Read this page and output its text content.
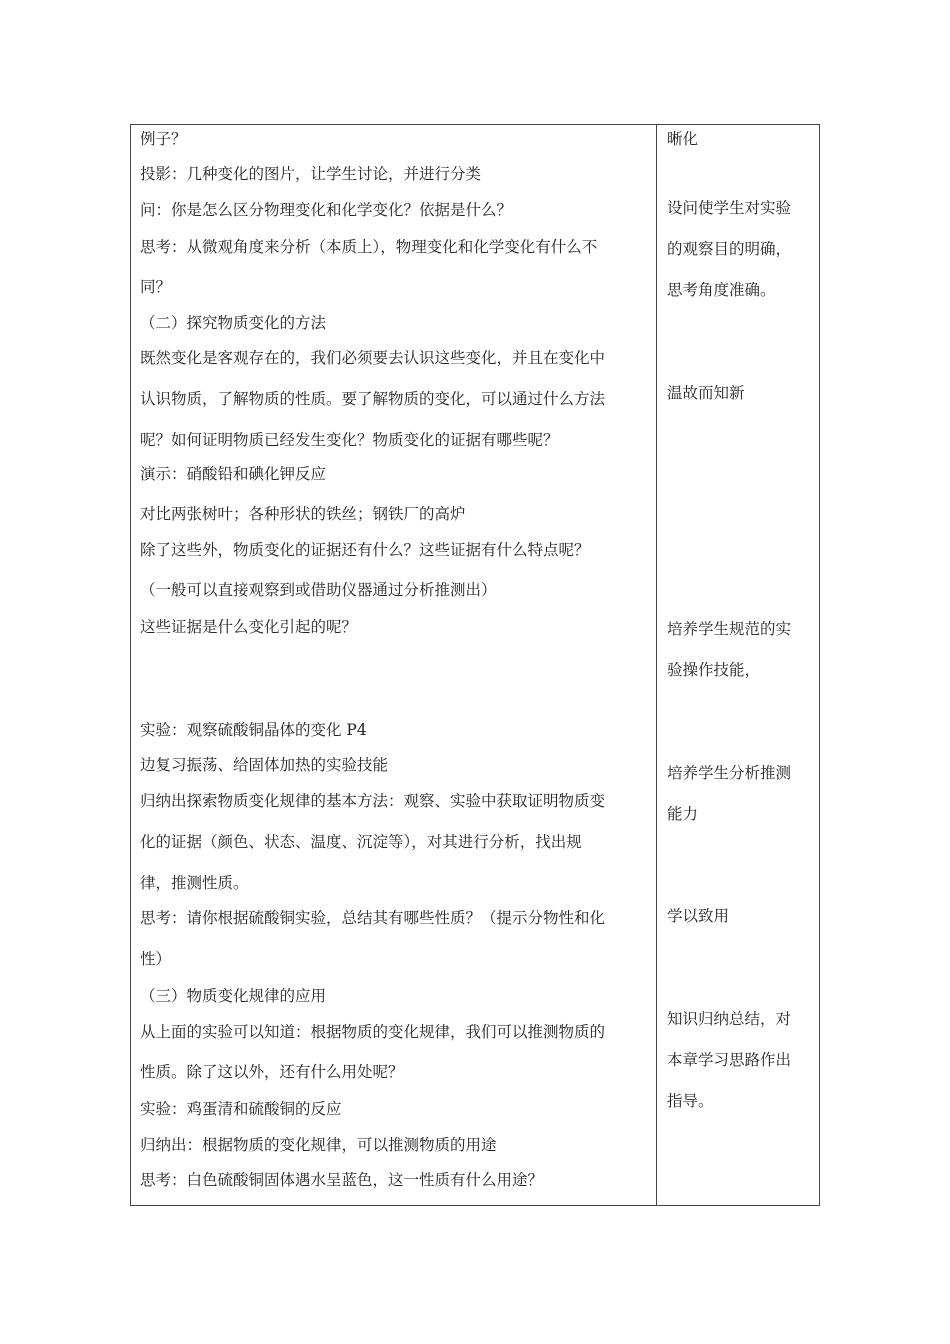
例子？
投影：几种变化的图片，让学生讨论，并进行分类
问：你是怎么区分物理变化和化学变化？依据是什么？
思考：从微观角度来分析（本质上），物理变化和化学变化有什么不
同？
（二）探究物质变化的方法
既然变化是客观存在的，我们必须要去认识这些变化，并且在变化中
认识物质，了解物质的性质。要了解物质的变化，可以通过什么方法
呢？如何证明物质已经发生变化？物质变化的证据有哪些呢？
演示：硝酸铅和碘化钾反应
对比两张树叶；各种形状的铁丝；钢铁厂的高炉
除了这些外，物质变化的证据还有什么？这些证据有什么特点呢？
（一般可以直接观察到或借助仪器通过分析推测出）
这些证据是什么变化引起的呢？
实验：观察硫酸铜晶体的变化 P4
边复习振荡、给固体加热的实验技能
归纳出探索物质变化规律的基本方法：观察、实验中获取证明物质变
化的证据（颜色、状态、温度、沉淀等），对其进行分析，找出规
律，推测性质。
思考：请你根据硫酸铜实验，总结其有哪些性质？（提示分物性和化
性）
（三）物质变化规律的应用
从上面的实验可以知道：根据物质的变化规律，我们可以推测物质的
性质。除了这以外，还有什么用处呢？
实验：鸡蛋清和硫酸铜的反应
归纳出：根据物质的变化规律，可以推测物质的用途
思考：白色硫酸铜固体遇水呈蓝色，这一性质有什么用途？
晰化
设问使学生对实验
的观察目的明确，
思考角度准确。
温故而知新
培养学生规范的实
验操作技能，
培养学生分析推测
能力
学以致用
知识归纳总结，对
本章学习思路作出
指导。
